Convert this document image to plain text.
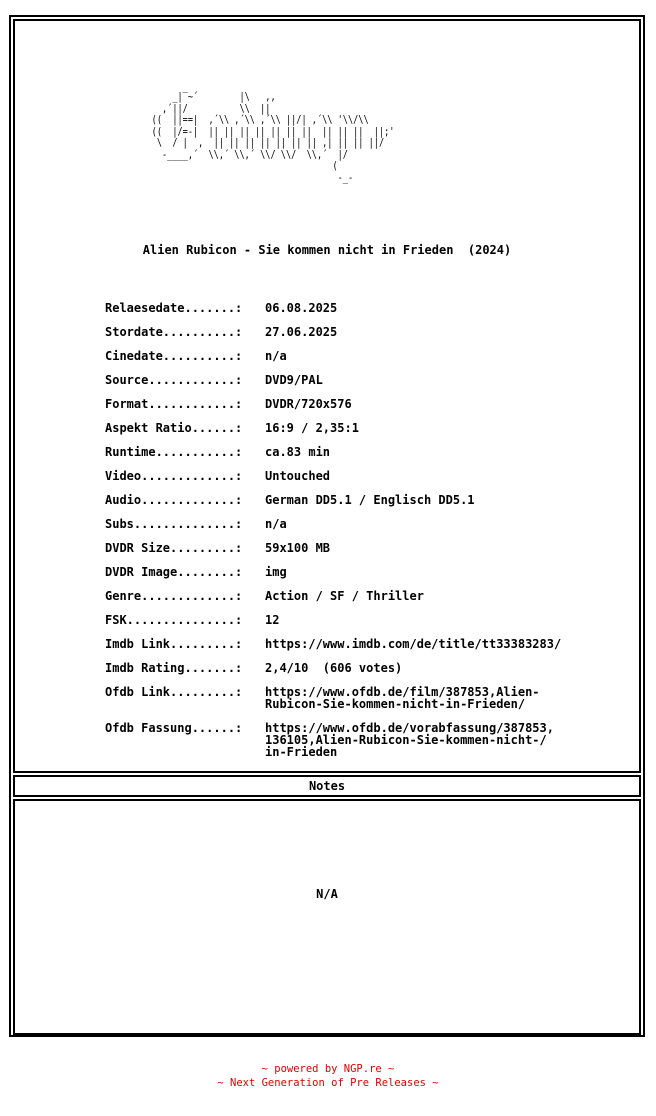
_|‾~´        |\   ,,
,´||/          \\  ||
((  ||==|  ,´\\ ,´\\ ,´\\ ||/| ,´\\ '\\/\\
((  |/=-|  || || || || || || ||  || || ||  ||;'
\  / |  ,  || || || || || || || ,| || || ||/
-____,´  \\,´ \\,´ \\/ \\/  \\,´  |/
(
-_-
Alien Rubicon - Sie kommen nicht in Frieden  (2024)
Relaesedate.......:	06.08.2025
Stordate..........:	27.06.2025
Cinedate..........:	n/a
Source............:	DVD9/PAL
Format............:	DVDR/720x576
Aspekt Ratio......:	16:9 / 2,35:1
Runtime...........:	ca.83 min
Video.............:	Untouched
Audio.............:	German DD5.1 / Englisch DD5.1
Subs..............:	n/a
DVDR Size.........:	59x100 MB
DVDR Image........:	img
Genre.............:	Action / SF / Thriller
FSK...............:	12
Imdb Link.........:	https://www.imdb.com/de/title/tt33383283/
Imdb Rating.......:	2,4/10  (606 votes)
Ofdb Link.........:	https://www.ofdb.de/film/387853,Alien-
Rubicon-Sie-kommen-nicht-in-Frieden/
Ofdb Fassung......:	https://www.ofdb.de/vorabfassung/387853,
136105,Alien-Rubicon-Sie-kommen-nicht-/
in-Frieden
Notes
N/A
~ powered by NGP.re ~
~ Next Generation of Pre Releases ~
